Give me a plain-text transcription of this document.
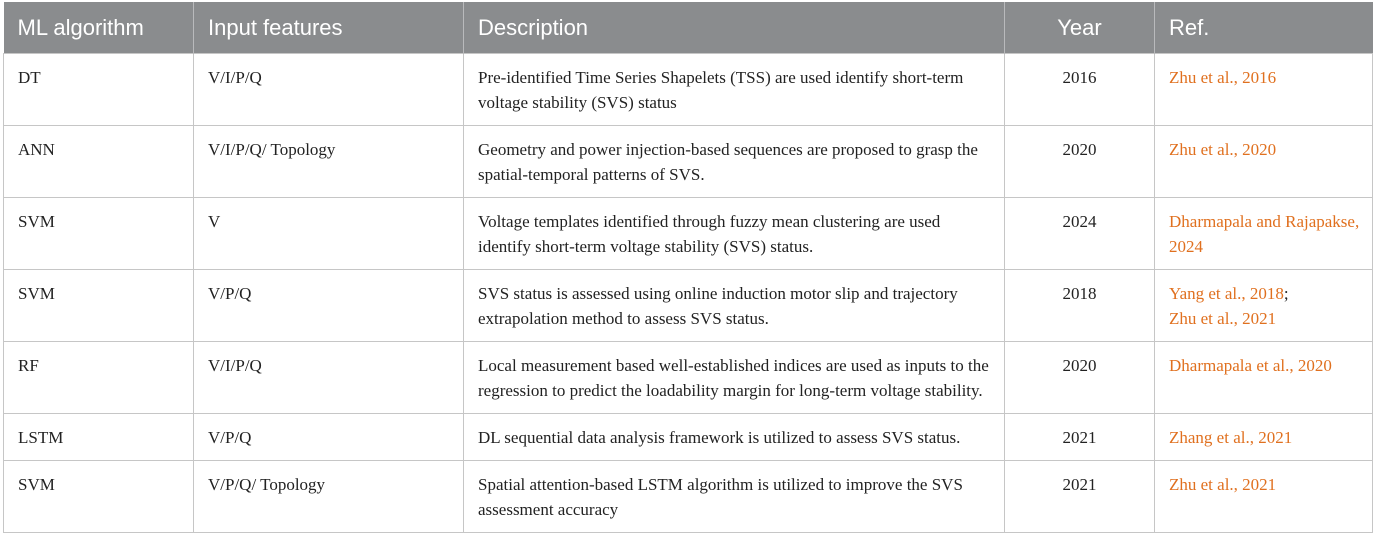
ML algorithm	Input features	Description	Year	Ref.
DT	V/I/P/Q	Pre-identified Time Series Shapelets (TSS) are used identify short-term voltage stability (SVS) status	2016	Zhu et al., 2016

ANN	V/I/P/Q/ Topology	Geometry and power injection-based sequences are proposed to grasp the spatial-temporal patterns of SVS.	2020	Zhu et al., 2020

SVM	V	Voltage templates identified through fuzzy mean clustering are used identify short-term voltage stability (SVS) status.	2024	Dharmapala and Rajapakse, 2024

SVM	V/P/Q	SVS status is assessed using online induction motor slip and trajectory extrapolation method to assess SVS status.	2018	Yang et al., 2018;
Zhu et al., 2021

RF	V/I/P/Q	Local measurement based well-established indices are used as inputs to the regression to predict the loadability margin for long-term voltage stability.	2020	Dharmapala et al., 2020

LSTM	V/P/Q	DL sequential data analysis framework is utilized to assess SVS status.	2021	Zhang et al., 2021

SVM	V/P/Q/ Topology	Spatial attention-based LSTM algorithm is utilized to improve the SVS assessment accuracy	2021	Zhu et al., 2021
